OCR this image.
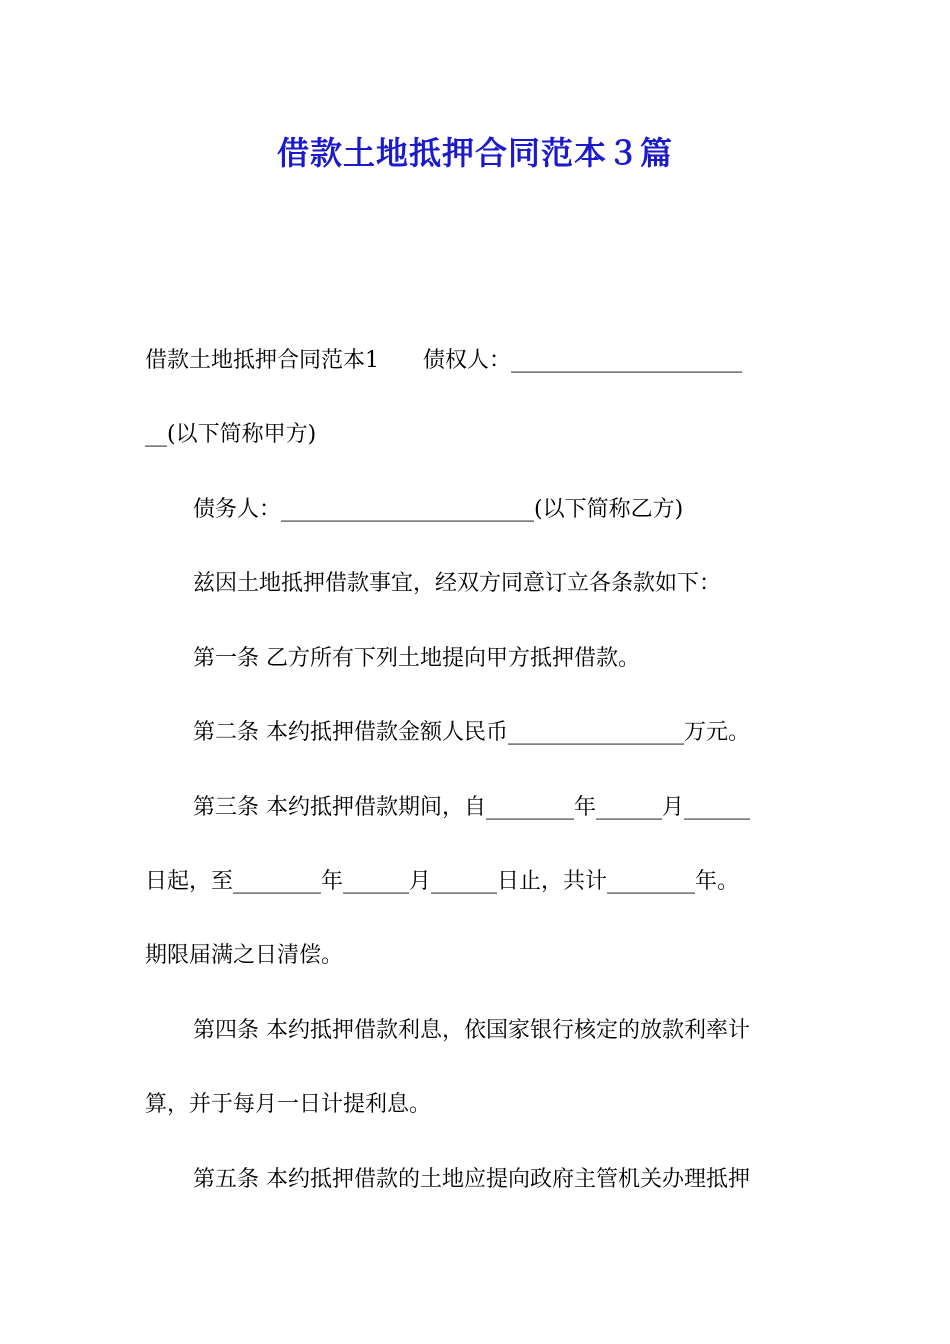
借款土地抵押合同范本３篇
借款土地抵押合同范本1　　债权人：_____________________
__(以下简称甲方)
债务人：_______________________(以下简称乙方)
兹因土地抵押借款事宜，经双方同意订立各条款如下：
第一条 乙方所有下列土地提向甲方抵押借款。
第二条 本约抵押借款金额人民币________________万元。
第三条 本约抵押借款期间，自________年______月______
日起，至________年______月______日止，共计________年。
期限届满之日清偿。
第四条 本约抵押借款利息，依国家银行核定的放款利率计
算，并于每月一日计提利息。
第五条 本约抵押借款的土地应提向政府主管机关办理抵押
